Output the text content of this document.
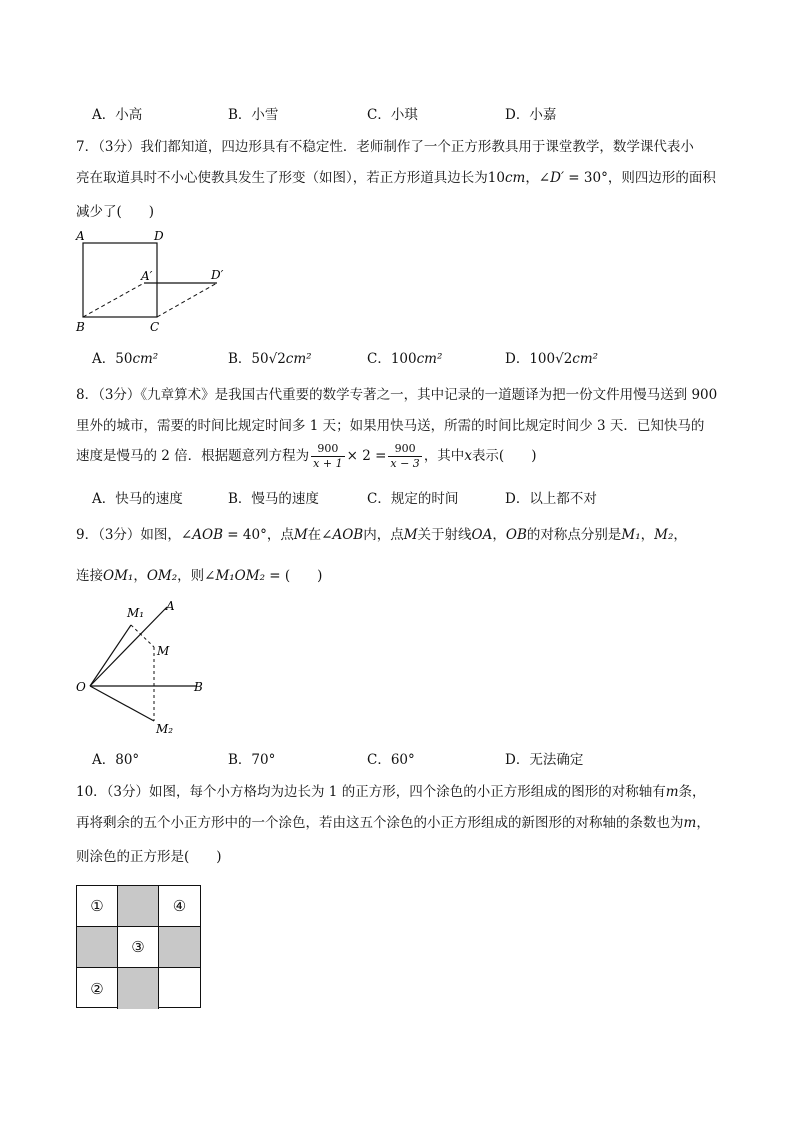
A．小高	B．小雪	C．小琪	D．小嘉
7．（3分）我们都知道，四边形具有不稳定性．老师制作了一个正方形教具用于课堂教学，数学课代表小
亮在取道具时不小心使教具发生了形变（如图），若正方形道具边长为10cm，∠D′ = 30°，则四边形的面积
减少了(　　)
A	D
A′	D′
B	C
A．50cm²	B．50√2cm²	C．100cm²	D．100√2cm²
8．（3分）《九章算术》是我国古代重要的数学专著之一，其中记录的一道题译为把一份文件用慢马送到 900
里外的城市，需要的时间比规定时间多 1 天；如果用快马送，所需的时间比规定时间少 3 天．已知快马的
速度是慢马的 2 倍．根据题意列方程为 $\frac{900}{x + 1} \times 2 = \frac{900}{x - 3}$ ，其中x表示(　　)
A．快马的速度	B．慢马的速度	C．规定的时间	D．以上都不对
9．（3分）如图，∠AOB = 40°，点M在∠AOB内，点M关于射线OA，OB的对称点分别是M₁，M₂，
连接OM₁，OM₂，则∠M₁OM₂ = (　　)
M₁ A
M
O	B
M₂
A．80°	B．70°	C．60°	D．无法确定
10．（3分）如图，每个小方格均为边长为 1 的正方形，四个涂色的小正方形组成的图形的对称轴有m条，
再将剩余的五个小正方形中的一个涂色，若由这五个涂色的小正方形组成的新图形的对称轴的条数也为m，
则涂色的正方形是(　　)
①	④
③
②
